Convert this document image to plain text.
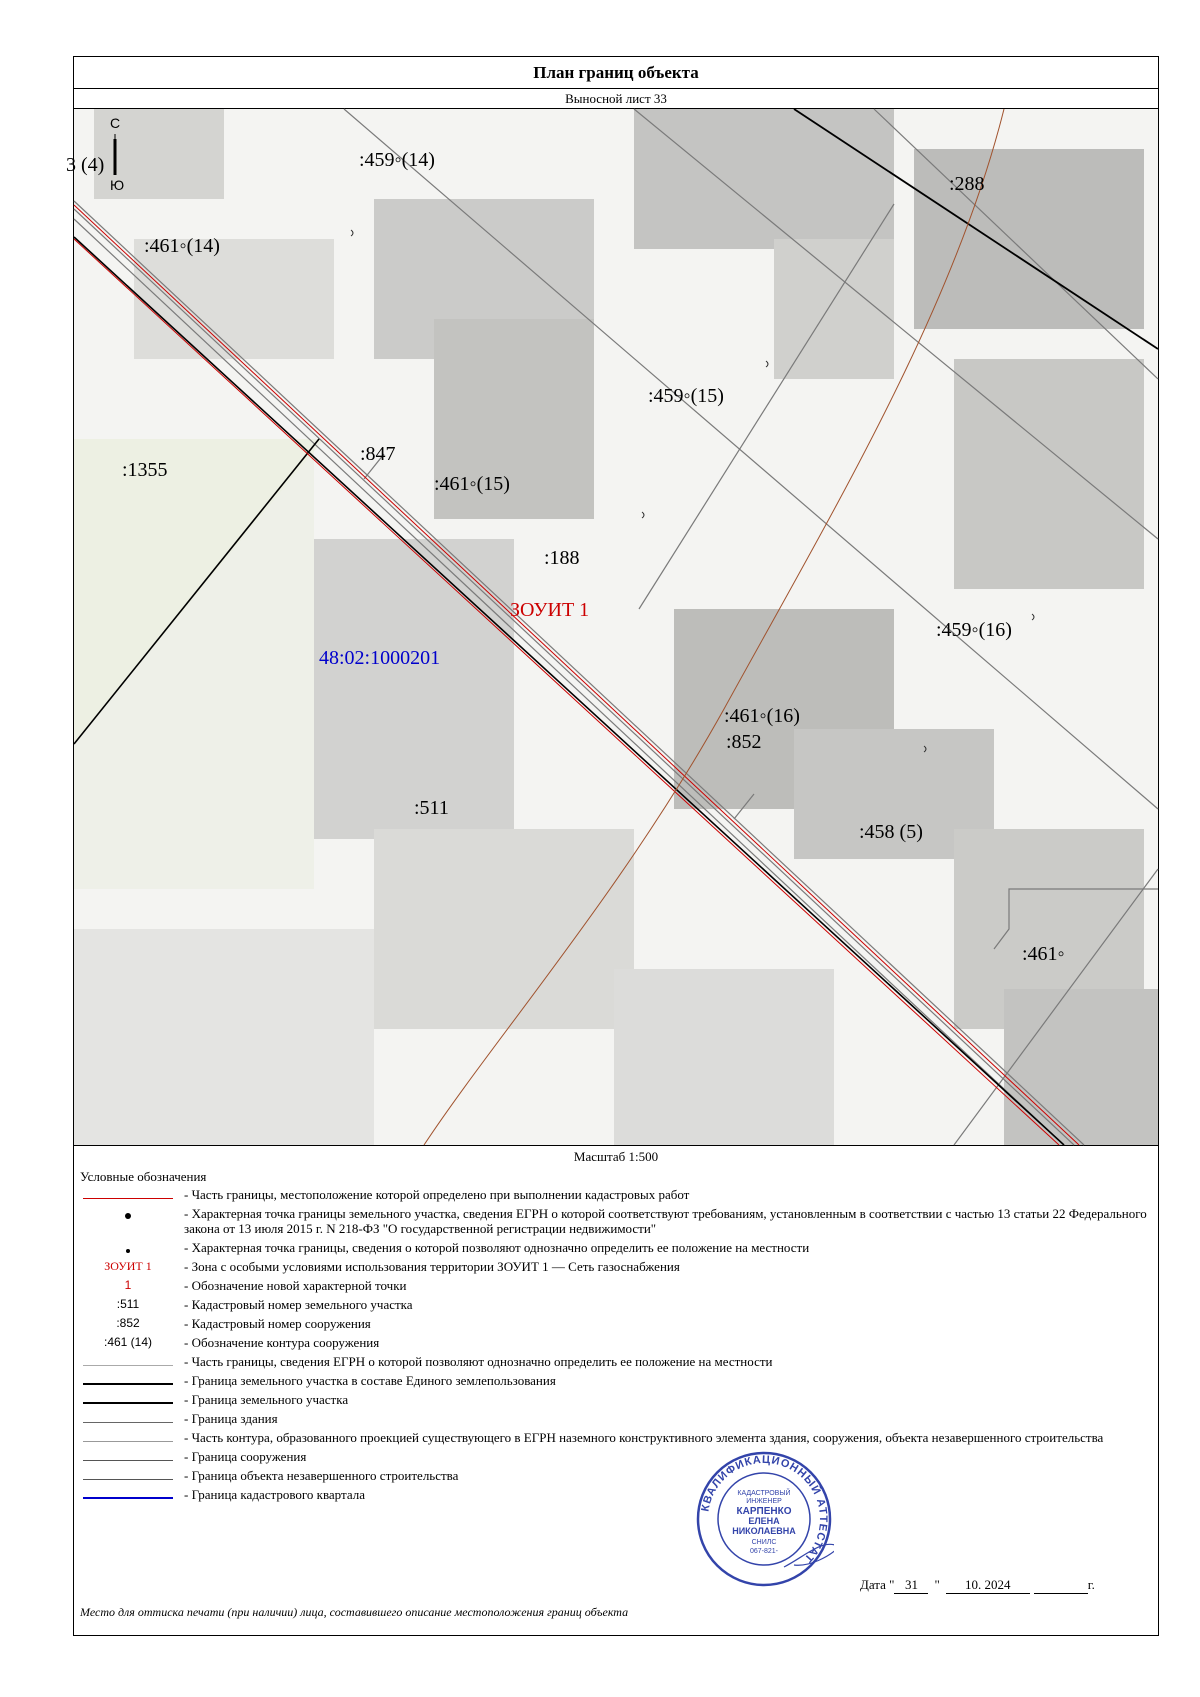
План границ объекта
Выносной лист 33
С
Ю
3 (4)	:459◦(14)
:288
:461◦(14)
:459◦(15)
:1355
:847
:461◦(15)
:188
ЗОУИТ 1
48:02:1000201
:459◦(16)
:461◦(16)
:852
:511
:458 (5)
:461◦
Масштаб 1:500
Условные обозначения
- Часть границы, местоположение которой определено при выполнении кадастровых работ
- Характерная точка границы земельного участка, сведения ЕГРН о которой соответствуют требованиям, установленным в соответствии с частью 13 статьи 22 Федерального закона от 13 июля 2015 г. N 218-ФЗ "О государственной регистрации недвижимости"
- Характерная точка границы, сведения о которой позволяют однозначно определить ее положение на местности
ЗОУИТ 1	- Зона с особыми условиями использования территории ЗОУИТ 1 — Сеть газоснабжения
1	- Обозначение новой характерной точки
:511	- Кадастровый номер земельного участка
:852	- Кадастровый номер сооружения
:461 (14)	- Обозначение контура сооружения
- Часть границы, сведения ЕГРН о которой позволяют однозначно определить ее положение на местности
- Граница земельного участка в составе Единого землепользования
- Граница земельного участка
- Граница здания
- Часть контура, образованного проекцией существующего в ЕГРН наземного конструктивного элемента здания, сооружения, объекта незавершенного строительства
- Граница сооружения
- Граница объекта незавершенного строительства
- Граница кадастрового квартала
КВАЛИФИКАЦИОННЫЙ АТТЕСТАТ
КАДАСТРОВЫЙ
ИНЖЕНЕР
КАРПЕНКО
ЕЛЕНА
НИКОЛАЕВНА
СНИЛС
067-821-
Дата " 31 " 10. 2024	г.
Место для оттиска печати (при наличии) лица, составившего описание местоположения границ объекта
